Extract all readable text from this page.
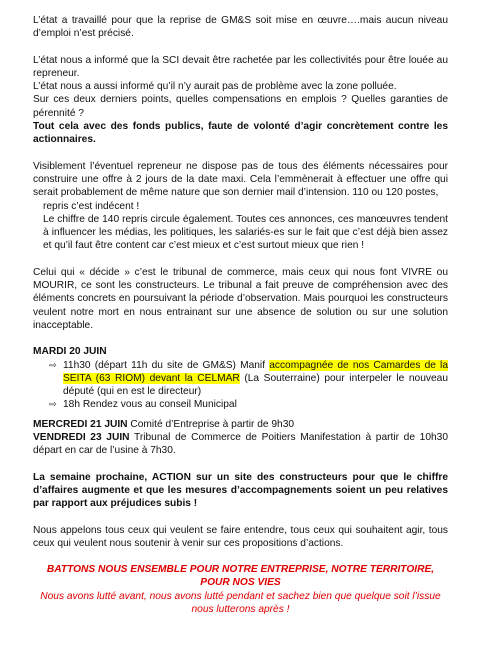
L’état a travaillé pour que la reprise de GM&S soit mise en œuvre….mais aucun niveau d’emploi n’est précisé.

L’état nous a informé que la SCI devait être rachetée par les collectivités pour être louée au repreneur.

L’état nous a aussi informé qu’il n’y aurait pas de problème avec la zone polluée.

Sur ces deux derniers points, quelles compensations en emplois ? Quelles garanties de pérennité ?

Tout cela avec des fonds publics, faute de volonté d’agir concrètement contre les actionnaires.

Visiblement l’éventuel repreneur ne dispose pas de tous des éléments nécessaires pour construire une offre à 2 jours de la date maxi. Cela l’emmènerait à effectuer une offre qui serait probablement de même nature que son dernier mail d’intension. 110 ou 120 postes,

repris c’est indécent !

Le chiffre de 140 repris circule également. Toutes ces annonces, ces manœuvres tendent à influencer les médias, les politiques, les salariés-es sur le fait que c’est déjà bien assez et qu’il faut être content car c’est mieux et c’est surtout mieux que rien !

Celui qui « décide » c’est le tribunal de commerce, mais ceux qui nous font VIVRE ou MOURIR, ce sont les constructeurs. Le tribunal a fait preuve de compréhension avec des éléments concrets en poursuivant la période d’observation. Mais pourquoi les constructeurs veulent notre mort en nous entrainant sur une absence de solution ou sur une solution inacceptable.

MARDI 20 JUIN

⇨ 11h30 (départ 11h du site de GM&S) Manif accompagnée de nos Camardes de la SEITA (63 RIOM) devant la CELMAR (La Souterraine) pour interpeler le nouveau député (qui en est le directeur)
⇨ 18h Rendez vous au conseil Municipal

MERCREDI 21 JUIN Comité d’Entreprise à partir de 9h30

VENDREDI 23 JUIN Tribunal de Commerce de Poitiers Manifestation à partir de 10h30 départ en car de l’usine à 7h30.

La semaine prochaine, ACTION sur un site des constructeurs pour que le chiffre d’affaires augmente et que les mesures d’accompagnements soient un peu relatives par rapport aux préjudices subis !

Nous appelons tous ceux qui veulent se faire entendre, tous ceux qui souhaitent agir, tous ceux qui veulent nous soutenir à venir sur ces propositions d’actions.

BATTONS NOUS ENSEMBLE POUR NOTRE ENTREPRISE, NOTRE TERRITOIRE, POUR NOS VIES

Nous avons lutté avant, nous avons lutté pendant et sachez bien que quelque soit l’issue

nous lutterons après !
